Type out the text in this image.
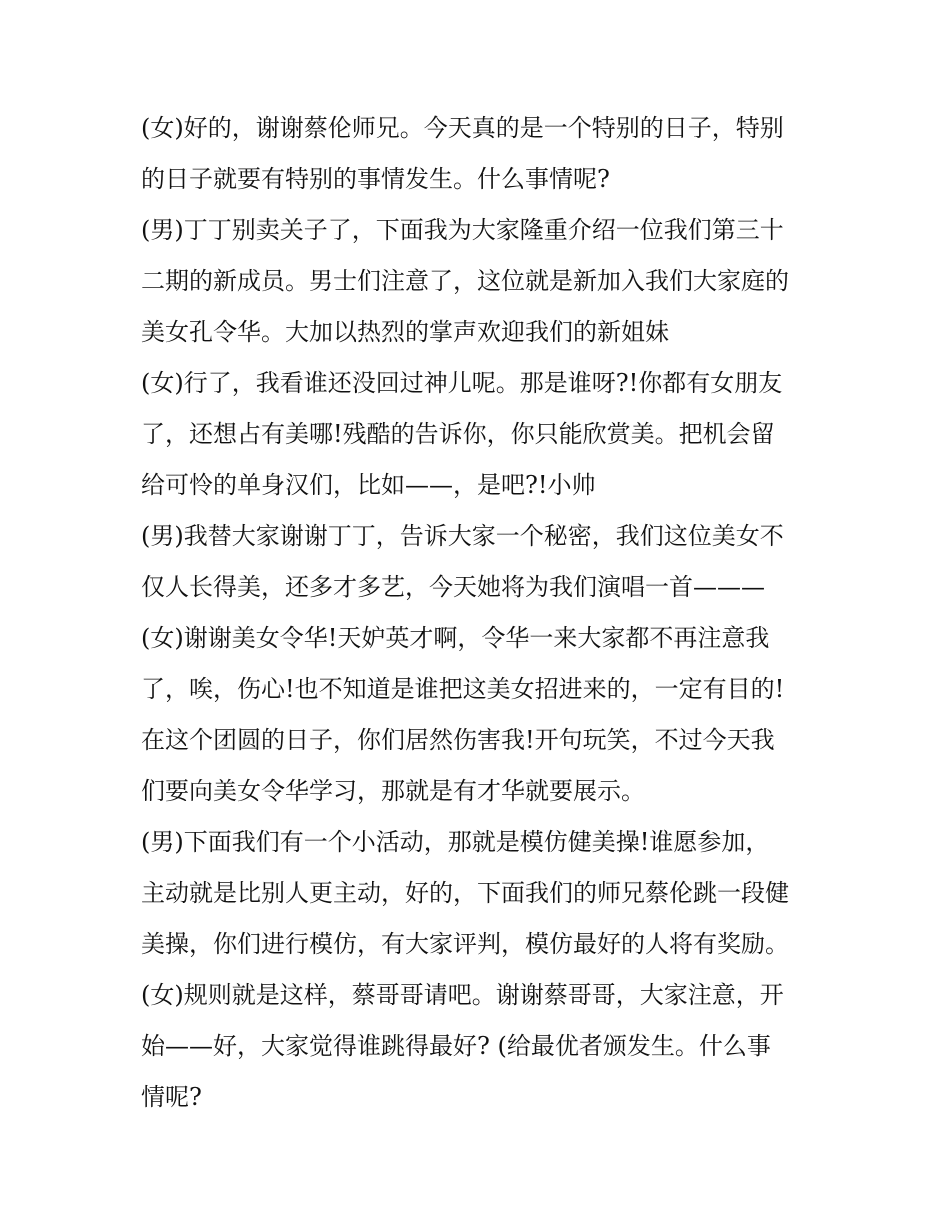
(女)好的，谢谢蔡伦师兄。今天真的是一个特别的日子，特别
的日子就要有特别的事情发生。什么事情呢?
(男)丁丁别卖关子了，下面我为大家隆重介绍一位我们第三十
二期的新成员。男士们注意了，这位就是新加入我们大家庭的
美女孔令华。大加以热烈的掌声欢迎我们的新姐妹
(女)行了，我看谁还没回过神儿呢。那是谁呀?!你都有女朋友
了，还想占有美哪!残酷的告诉你，你只能欣赏美。把机会留
给可怜的单身汉们，比如——，是吧?!小帅
(男)我替大家谢谢丁丁，告诉大家一个秘密，我们这位美女不
仅人长得美，还多才多艺，今天她将为我们演唱一首———
(女)谢谢美女令华!天妒英才啊，令华一来大家都不再注意我
了，唉，伤心!也不知道是谁把这美女招进来的，一定有目的!
在这个团圆的日子，你们居然伤害我!开句玩笑，不过今天我
们要向美女令华学习，那就是有才华就要展示。
(男)下面我们有一个小活动，那就是模仿健美操!谁愿参加，
主动就是比别人更主动，好的，下面我们的师兄蔡伦跳一段健
美操，你们进行模仿，有大家评判，模仿最好的人将有奖励。
(女)规则就是这样，蔡哥哥请吧。谢谢蔡哥哥，大家注意，开
始——好，大家觉得谁跳得最好? (给最优者颁发生。什么事
情呢?
